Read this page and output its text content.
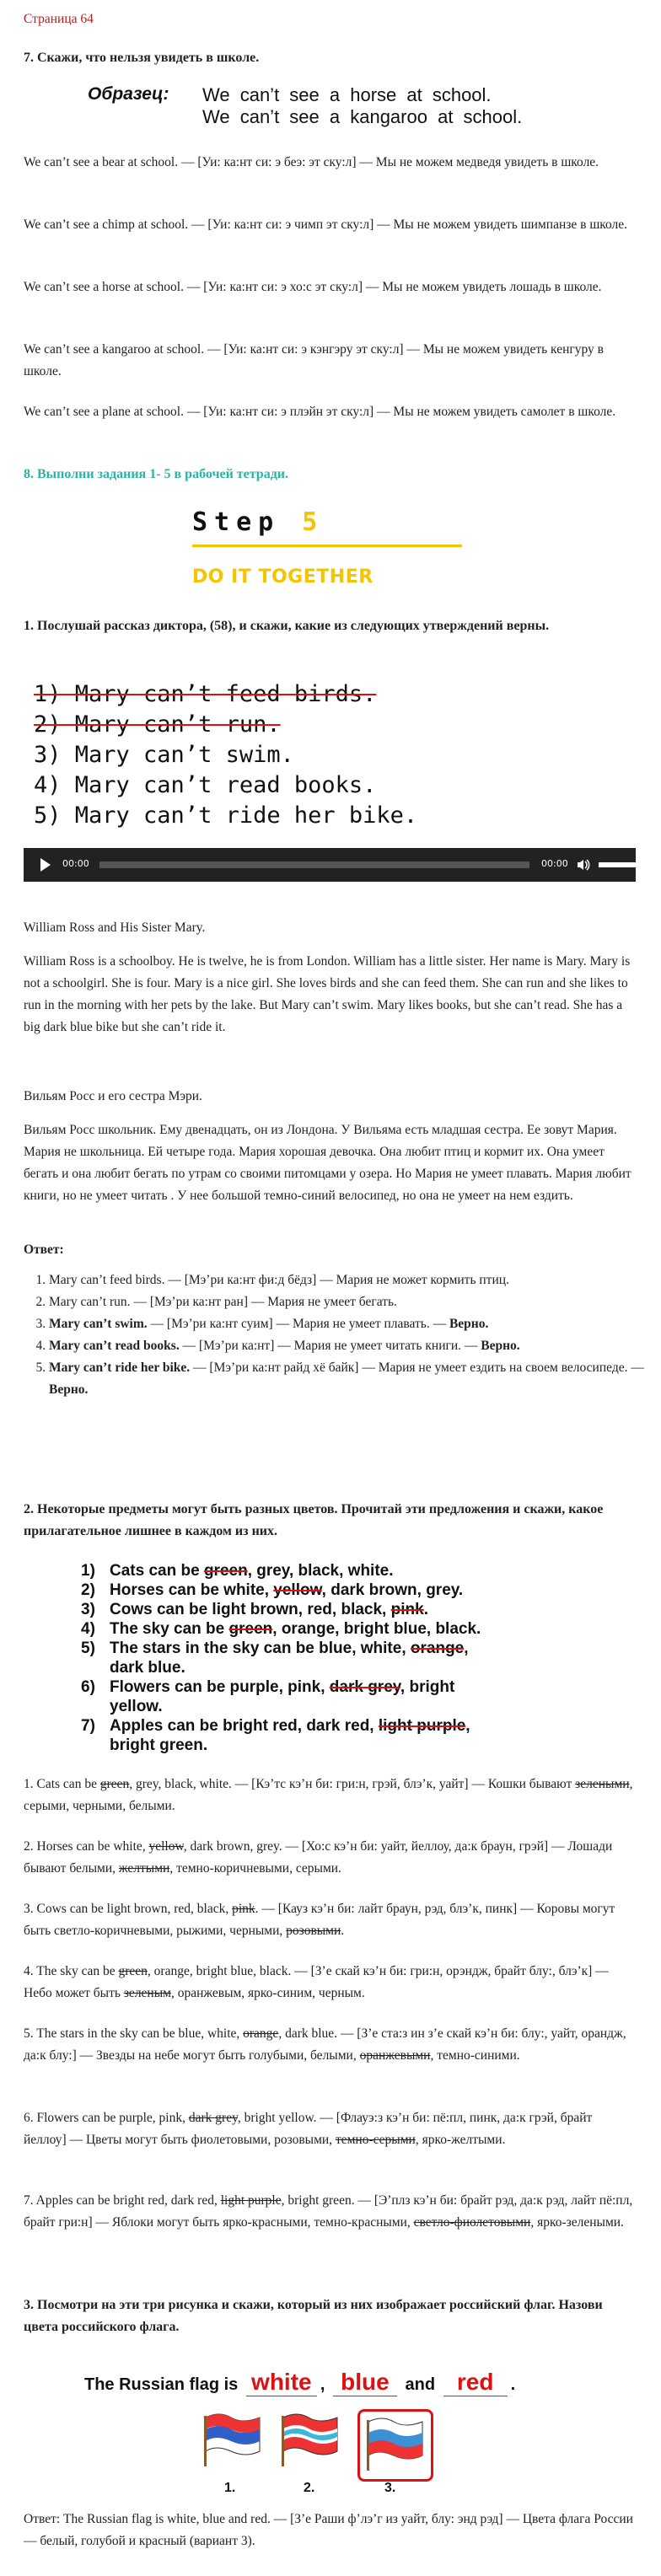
Страница 64
7. Скажи, что нельзя увидеть в школе.
Образец: We can’t see a horse at school.
We can’t see a kangaroo at school.

We can’t see a bear at school. — [Уи: ка:нт си: э беэ: эт ску:л] — Мы не можем медведя увидеть в школе.

We can’t see a chimp at school. — [Уи: ка:нт си: э чимп эт ску:л] — Мы не можем увидеть шимпанзе в школе.

We can’t see a horse at school. — [Уи: ка:нт си: э хо:с эт ску:л] — Мы не можем увидеть лошадь в школе.

We can’t see a kangaroo at school. — [Уи: ка:нт си: э кэнгэру эт ску:л] — Мы не можем увидеть кенгуру в школе.

We can’t see a plane at school. — [Уи: ка:нт си: э плэйн эт ску:л] — Мы не можем увидеть самолет в школе.

8. Выполни задания 1- 5 в рабочей тетради.
Step 5
DO IT TOGETHER
1. Послушай рассказ диктора, (58), и скажи, какие из следующих утверждений верны.
1) Mary can’t feed birds.
2) Mary can’t run.
3) Mary can’t swim.
4) Mary can’t read books.
5) Mary can’t ride her bike.
00:00	00:00

William Ross and His Sister Mary.

William Ross is a schoolboy. He is twelve, he is from London. William has a little sister. Her name is Mary. Mary is not a schoolgirl. She is four. Mary is a nice girl. She loves birds and she can feed them. She can run and she likes to run in the morning with her pets by the lake. But Mary can’t swim. Mary likes books, but she can’t read. She has a big dark blue bike but she can’t ride it.

Вильям Росс и его сестра Мэри.

Вильям Росс школьник. Ему двенадцать, он из Лондона. У Вильяма есть младшая сестра. Ее зовут Мария. Мария не школьница. Ей четыре года. Мария хорошая девочка. Она любит птиц и кормит их. Она умеет бегать и она любит бегать по утрам со своими питомцами у озера. Но Мария не умеет плавать. Мария любит книги, но не умеет читать . У нее большой темно-синий велосипед, но она не умеет на нем ездить.

Ответ:
1. Mary can’t feed birds. — [Мэ’ри ка:нт фи:д бёдз] — Мария не может кормить птиц.
2. Mary can’t run. — [Мэ’ри ка:нт ран] — Мария не умеет бегать.
3. Mary can’t swim. — [Мэ’ри ка:нт суим] — Мария не умеет плавать. — Верно.
4. Mary can’t read books. — [Мэ’ри ка:нт] — Мария не умеет читать книги. — Верно.
5. Mary can’t ride her bike. — [Мэ’ри ка:нт райд хё байк] — Мария не умеет ездить на своем велосипеде. — Верно.
2. Некоторые предметы могут быть разных цветов. Прочитай эти предложения и скажи, какое прилагательное лишнее в каждом из них.
1) Cats can be green, grey, black, white.
2) Horses can be white, yellow, dark brown, grey.
3) Cows can be light brown, red, black, pink.
4) The sky can be green, orange, bright blue, black.
5) The stars in the sky can be blue, white, orange,
dark blue.
6) Flowers can be purple, pink, dark grey, bright
yellow.
7) Apples can be bright red, dark red, light purple,
bright green.

1. Cats can be green, grey, black, white. — [Кэ’тс кэ’н би: гри:н, грэй, блэ’к, уайт] — Кошки бывают зелеными, серыми, черными, белыми.

2. Horses can be white, yellow, dark brown, grey. — [Хо:с кэ’н би: уайт, йеллоу, да:к браун, грэй] — Лошади бывают белыми, желтыми, темно-коричневыми, серыми.

3. Cows can be light brown, red, black, pink. — [Кауз кэ’н би: лайт браун, рэд, блэ’к, пинк] — Коровы могут быть светло-коричневыми, рыжими, черными, розовыми.

4. The sky can be green, orange, bright blue, black. — [З’е скай кэ’н би: гри:н, орэндж, брайт блу:, блэ’к] — Небо может быть зеленым, оранжевым, ярко-синим, черным.

5. The stars in the sky can be blue, white, orange, dark blue. — [З’е ста:з ин з’е скай кэ’н би: блу:, уайт, орандж, да:к блу:] — Звезды на небе могут быть голубыми, белыми, оранжевыми, темно-синими.

6. Flowers can be purple, pink, dark grey, bright yellow. — [Флауэ:з кэ’н би: пё:пл, пинк, да:к грэй, брайт йеллоу] — Цветы могут быть фиолетовыми, розовыми, темно-серыми, ярко-желтыми.

7. Apples can be bright red, dark red, light purple, bright green. — [Э’плз кэ’н би: брайт рэд, да:к рэд, лайт пё:пл, брайт гри:н] — Яблоки могут быть ярко-красными, темно-красными, светло-фиолетовыми, ярко-зелеными.

3. Посмотри на эти три рисунка и скажи, который из них изображает российский флаг. Назови цвета российского флага.
The Russian flag is white , blue and red .
1.	2.	3.

Ответ: The Russian flag is white, blue and red. — [З’е Раши ф’лэ’г из уайт, блу: энд рэд] — Цвета флага России — белый, голубой и красный (вариант 3).
